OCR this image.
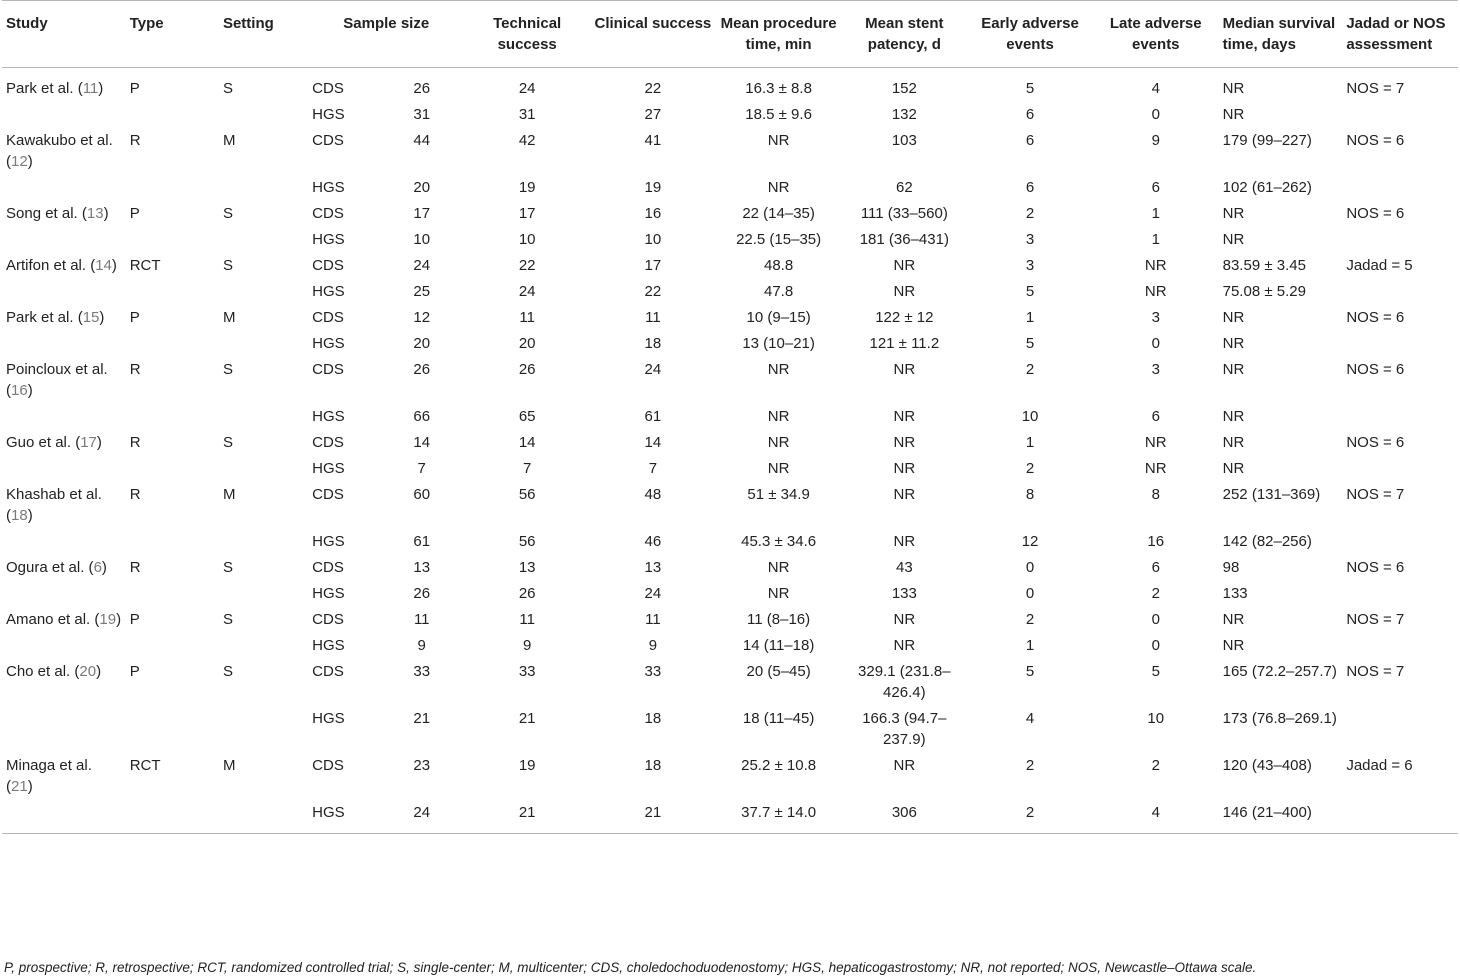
Study	Type	Setting	Sample size		Technical success	Clinical success	Mean procedure time, min	Mean stent patency, d	Early adverse events	Late adverse events	Median survival time, days	Jadad or NOS assessment
Park et al. (11)	P	S	CDS	26	24	22	16.3 ± 8.8	152	5	4	NR	NOS = 7
			HGS	31	31	27	18.5 ± 9.6	132	6	0	NR	
Kawakubo et al. (12)	R	M	CDS	44	42	41	NR	103	6	9	179 (99–227)	NOS = 6
			HGS	20	19	19	NR	62	6	6	102 (61–262)	
Song et al. (13)	P	S	CDS	17	17	16	22 (14–35)	111 (33–560)	2	1	NR	NOS = 6
			HGS	10	10	10	22.5 (15–35)	181 (36–431)	3	1	NR	
Artifon et al. (14)	RCT	S	CDS	24	22	17	48.8	NR	3	NR	83.59 ± 3.45	Jadad = 5
			HGS	25	24	22	47.8	NR	5	NR	75.08 ± 5.29	
Park et al. (15)	P	M	CDS	12	11	11	10 (9–15)	122 ± 12	1	3	NR	NOS = 6
			HGS	20	20	18	13 (10–21)	121 ± 11.2	5	0	NR	
Poincloux et al. (16)	R	S	CDS	26	26	24	NR	NR	2	3	NR	NOS = 6
			HGS	66	65	61	NR	NR	10	6	NR	
Guo et al. (17)	R	S	CDS	14	14	14	NR	NR	1	NR	NR	NOS = 6
			HGS	7	7	7	NR	NR	2	NR	NR	
Khashab et al. (18)	R	M	CDS	60	56	48	51 ± 34.9	NR	8	8	252 (131–369)	NOS = 7
			HGS	61	56	46	45.3 ± 34.6	NR	12	16	142 (82–256)	
Ogura et al. (6)	R	S	CDS	13	13	13	NR	43	0	6	98	NOS = 6
			HGS	26	26	24	NR	133	0	2	133	
Amano et al. (19)	P	S	CDS	11	11	11	11 (8–16)	NR	2	0	NR	NOS = 7
			HGS	9	9	9	14 (11–18)	NR	1	0	NR	
Cho et al. (20)	P	S	CDS	33	33	33	20 (5–45)	329.1 (231.8–426.4)	5	5	165 (72.2–257.7)	NOS = 7
			HGS	21	21	18	18 (11–45)	166.3 (94.7–237.9)	4	10	173 (76.8–269.1)	
Minaga et al. (21)	RCT	M	CDS	23	19	18	25.2 ± 10.8	NR	2	2	120 (43–408)	Jadad = 6
			HGS	24	21	21	37.7 ± 14.0	306	2	4	146 (21–400)	
P, prospective; R, retrospective; RCT, randomized controlled trial; S, single-center; M, multicenter; CDS, choledochoduodenostomy; HGS, hepaticogastrostomy; NR, not reported; NOS, Newcastle–Ottawa scale.
